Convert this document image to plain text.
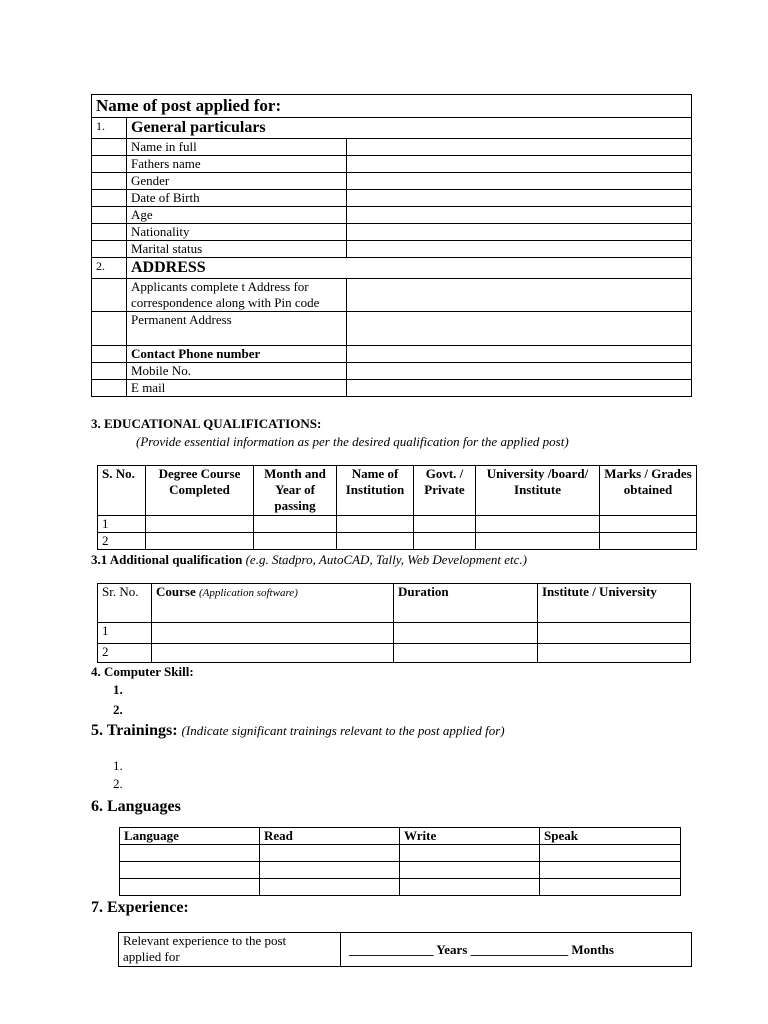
Name of post applied for:		
1.	General particulars	
	Name in full	
	Fathers name	
	Gender	
	Date of Birth	
	Age	
	Nationality	
	Marital status	
2.	ADDRESS	

	Applicants complete t Address for
correspondence along with Pin code	

	Permanent Address	
	Contact Phone number	
	Mobile No.	
	E mail	
3. EDUCATIONAL QUALIFICATIONS:
(Provide essential information as per the desired qualification for the applied post)
S. No.	Degree Course Completed	Month and Year of passing	Name of Institution	Govt. / Private	University /board/ Institute	Marks / Grades obtained
1						
2						
3.1 Additional qualification (e.g. Stadpro, AutoCAD, Tally, Web Development etc.)
Sr. No.	Course (Application software)	Duration	Institute / University
1			
2			
4. Computer Skill:
1.
2.
5. Trainings: (Indicate significant trainings relevant to the post applied for)
1.
2.
6. Languages
Language	Read	Write	Speak

7. Experience:
Relevant experience to the post
applied for	_____________ Years _______________ Months
